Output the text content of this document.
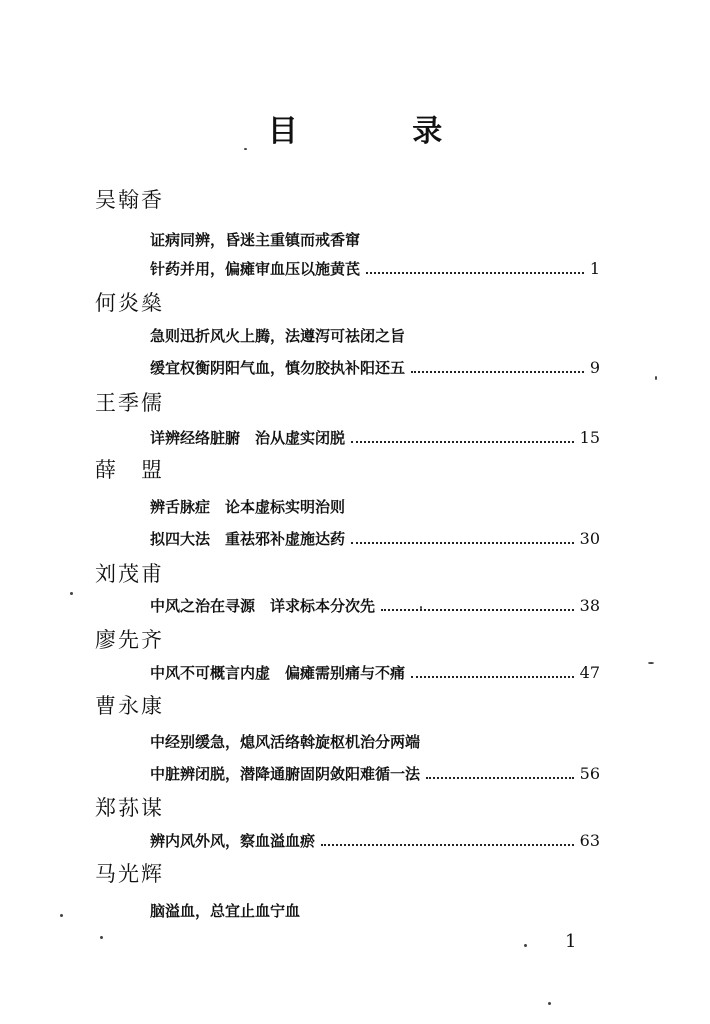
目 录
吴翰香
证病同辨，昏迷主重镇而戒香窜
针药并用，偏瘫审血压以施黄芪	1
何炎燊
急则迅折风火上腾，法遵泻可祛闭之旨
缓宜权衡阴阳气血，慎勿胶执补阳还五	9
王季儒
详辨经络脏腑　治从虚实闭脱	15
薛　盟
辨舌脉症　论本虚标实明治则
拟四大法　重祛邪补虚施达药	30
刘茂甫
中风之治在寻源　详求标本分次先	38
廖先齐
中风不可概言内虚　偏瘫需别痛与不痛	47
曹永康
中经别缓急，熄风活络斡旋枢机治分两端
中脏辨闭脱，潜降通腑固阴敛阳难循一法	56
郑荪谋
辨内风外风，察血溢血瘀	63
马光辉
脑溢血，总宜止血宁血
1
